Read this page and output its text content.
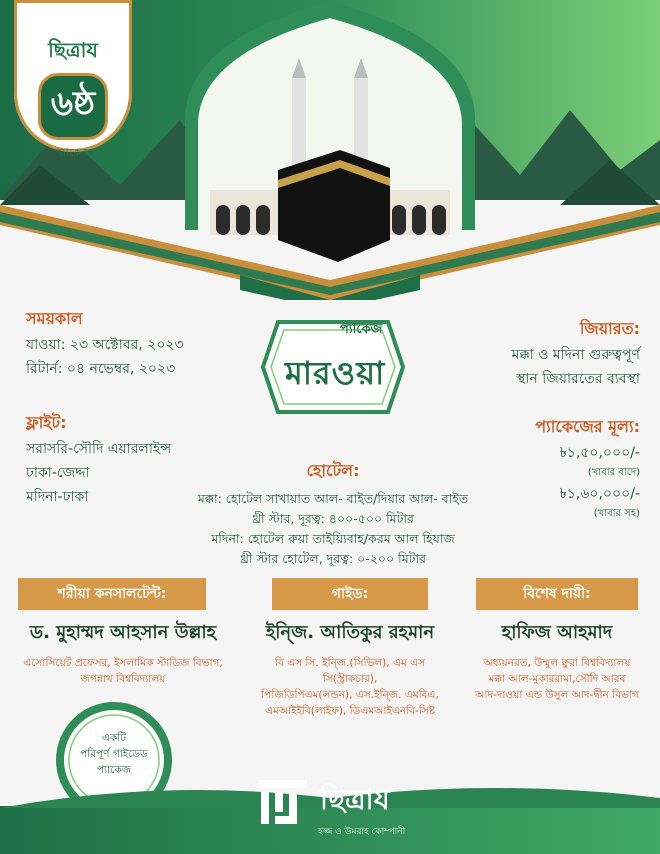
ছিত্রায
৬ষ্ঠ
প্যাকেজ
সময়কাল
যাওয়া: ২৩ অক্টোবর, ২০২৩
রিটার্ন: ০৪ নভেম্বর, ২০২৩
ফ্লাইট:
সরাসরি-সৌদি এয়ারলাইন্স
ঢাকা-জেদ্দা
মদিনা-ঢাকা
জিয়ারত:
মক্কা ও মদিনা গুরুত্বপূর্ণ
স্থান জিয়ারতের ব্যবস্থা
প্যাকেজের মূল্য:
৳১,৫০,০০০/-
(খাবার বাদে)
৳১,৬০,০০০/-
(খাবার সহ)
প্যাকেজ
মারওয়া
হোটেল:
মক্কা: হোটেল সাখায়াত আল- বাইত/দিয়ার আল- বাইত
থ্রী স্টার, দূরত্ব: ৪০০-৫০০ মিটার
মদিনা: হোটেল রুয়া তাইয়্যিবাহ/করম আল হিযাজ
থ্রী স্টার হোটেল, দূরত্ব: ০-২০০ মিটার
শরীয়া কনসালটেন্ট:
ড. মুহাম্মদ আহসান উল্লাহ
এসোসিয়েট প্রফেসর, ইসলামিক স্টাডিজ বিভাগ,
জগন্নাথ বিশ্ববিদ্যালয়
গাইড:
ইন্জি. আতিকুর রহমান
বি এস সি. ইন্জি.(সিভিল), এম এস সি(স্ট্রাকচার),
পিজিডিপিএম(লন্ডন), এস.ইন্জি. এমবিএ,
এমআইইবি(লাইফ), ডিএমআইএনবি-সিষ্ট
বিশেষ দায়ী:
হাফিজ আহমাদ
অধ্যয়নরত, উম্মুল ক্বুরা বিশ্ববিদ্যালয়
মক্কা আল-মুকাররামা,সৌদি আরব
আদ-দাওয়া এন্ড উসুল আদ-দ্বীন বিভাগ
একটি
পরিপূর্ণ গাইডেড
প্যাকেজ
ছিত্রায
হজ্জ ও উমরাহ কোম্পানী
